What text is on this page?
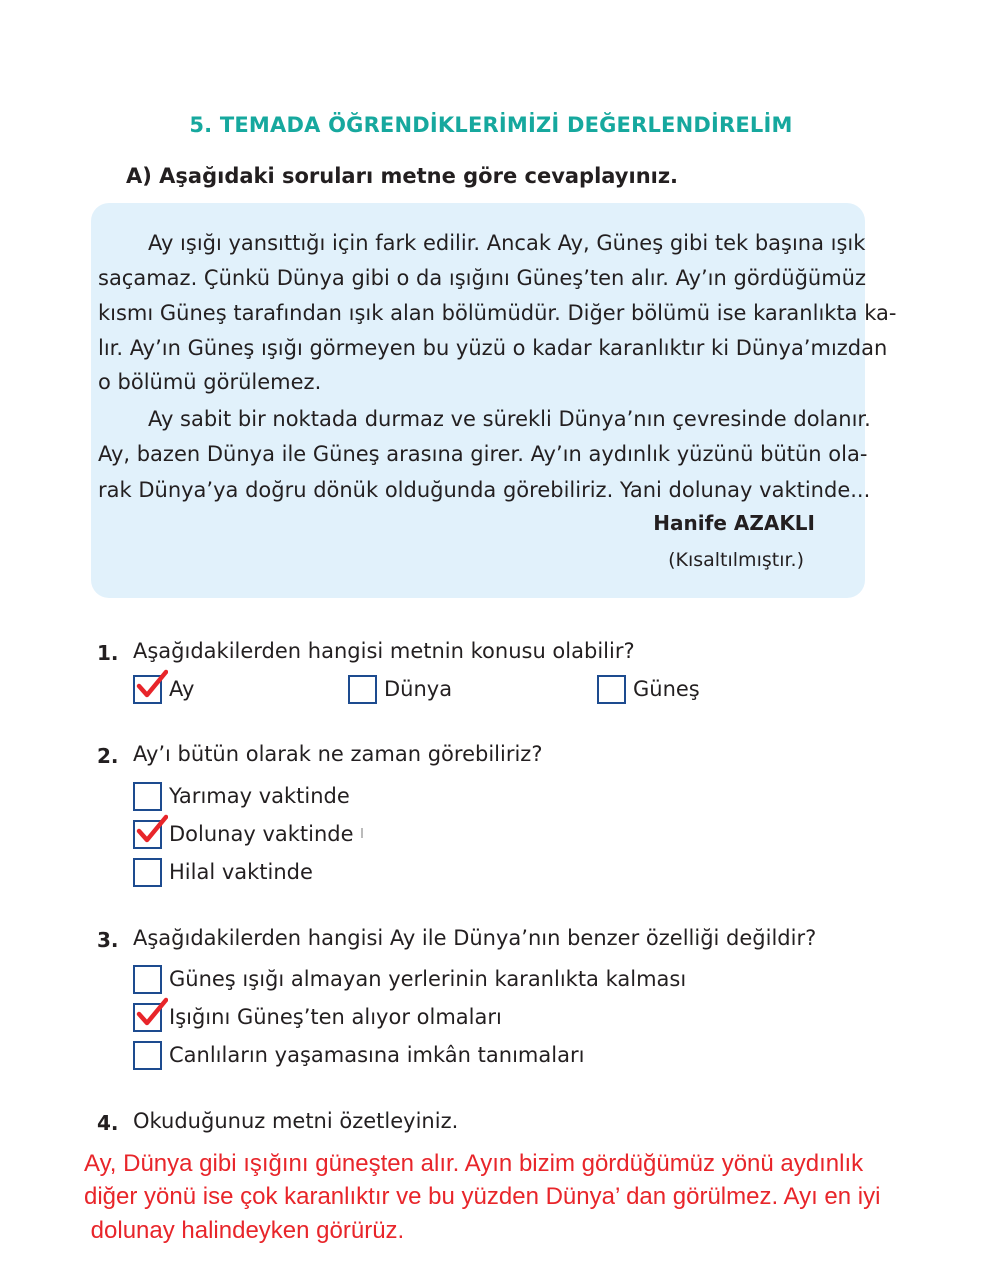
5. TEMADA ÖĞRENDİKLERİMİZİ DEĞERLENDİRELİM
A) Aşağıdaki soruları metne göre cevaplayınız.
Ay ışığı yansıttığı için fark edilir. Ancak Ay, Güneş gibi tek başına ışık
saçamaz. Çünkü Dünya gibi o da ışığını Güneş’ten alır. Ay’ın gördüğümüz
kısmı Güneş tarafından ışık alan bölümüdür. Diğer bölümü ise karanlıkta ka-
lır. Ay’ın Güneş ışığı görmeyen bu yüzü o kadar karanlıktır ki Dünya’mızdan
o bölümü görülemez.
Ay sabit bir noktada durmaz ve sürekli Dünya’nın çevresinde dolanır.
Ay, bazen Dünya ile Güneş arasına girer. Ay’ın aydınlık yüzünü bütün ola-
rak Dünya’ya doğru dönük olduğunda görebiliriz. Yani dolunay vaktinde...
Hanife AZAKLI
(Kısaltılmıştır.)
1. Aşağıdakilerden hangisi metnin konusu olabilir?
Ay	Dünya	Güneş
2. Ay’ı bütün olarak ne zaman görebiliriz?
Yarımay vaktinde
Dolunay vaktinde
Hilal vaktinde
3. Aşağıdakilerden hangisi Ay ile Dünya’nın benzer özelliği değildir?
Güneş ışığı almayan yerlerinin karanlıkta kalması
Işığını Güneş’ten alıyor olmaları
Canlıların yaşamasına imkân tanımaları
4. Okuduğunuz metni özetleyiniz.
Ay, Dünya gibi ışığını güneşten alır. Ayın bizim gördüğümüz yönü aydınlık
diğer yönü ise çok karanlıktır ve bu yüzden Dünya’ dan görülmez. Ayı en iyi
dolunay halindeyken görürüz.
